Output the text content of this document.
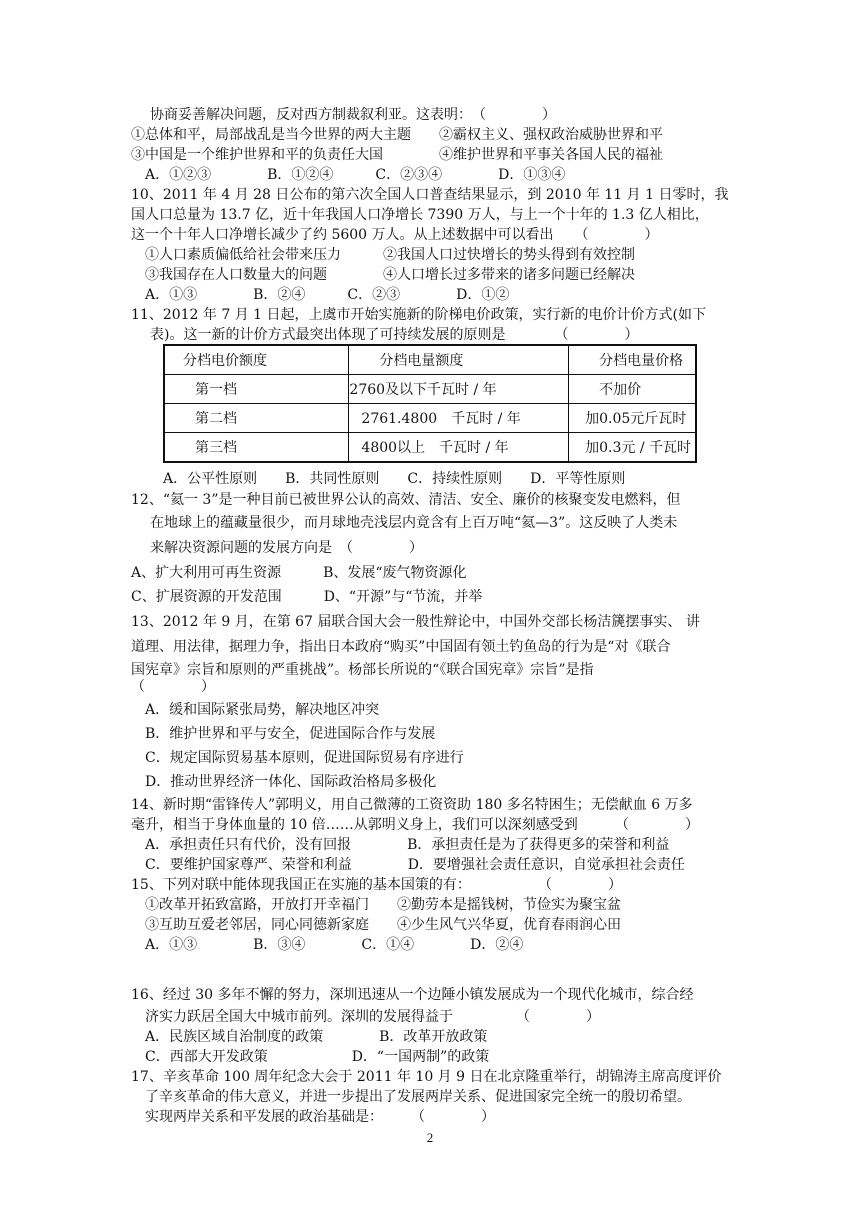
协商妥善解决问题，反对西方制裁叙利亚。这表明：　（　　　　）
①总体和平，局部战乱是当今世界的两大主题　　②霸权主义、强权政治威胁世界和平
③中国是一个维护世界和平的负责任大国　　　　④维护世界和平事关各国人民的福祉
A．①②③　　　　B．①②④　　　C．②③④　　　　D．①③④
10、2011 年 4 月 28 日公布的第六次全国人口普查结果显示，到 2010 年 11 月 1 日零时，我
国人口总量为 13.7 亿，近十年我国人口净增长 7390 万人，与上一个十年的 1.3 亿人相比，
这一个十年人口净增长减少了约 5600 万人。从上述数据中可以看出　　（　　　　）
①人口素质偏低给社会带来压力　　　②我国人口过快增长的势头得到有效控制
③我国存在人口数量大的问题　　　　④人口增长过多带来的诸多问题已经解决
A．①③　　　　B．②④　　　C．②③　　　　D．①②
11、2012 年 7 月 1 日起，上虞市开始实施新的阶梯电价政策，实行新的电价计价方式(如下
表)。这一新的计价方式最突出体现了可持续发展的原则是　　　　（　　　　）
分档电价额度	分档电量额度	分档电量价格
第一档	2760及以下千瓦时 / 年	不加价
第二档	2761.4800　千瓦时 / 年	加0.05元斤瓦时
第三档	4800以上　千瓦时 / 年	加0.3元 / 千瓦时
A．公平性原则　　B．共同性原则　　C．持续性原则　　D．平等性原则
12、“氦一 3”是一种目前已被世界公认的高效、清洁、安全、廉价的核聚变发电燃料，但
在地球上的蕴藏量很少，而月球地壳浅层内竟含有上百万吨“氦—3”。这反映了人类未
来解决资源问题的发展方向是　（　　　　）
A、扩大利用可再生资源　　　B、发展“废气物资源化
C、扩展资源的开发范围　　　D、“开源”与“节流，并举
13、2012 年 9 月，在第 67 届联合国大会一般性辩论中，中国外交部长杨洁篪摆事实、 讲
道理、用法律，据理力争，指出日本政府“购买”中国固有领土钓鱼岛的行为是“对《联合
国宪章》宗旨和原则的严重挑战”。杨部长所说的“《联合国宪章》宗旨”是指
（　　　　）
A．缓和国际紧张局势，解决地区冲突
B．维护世界和平与安全，促进国际合作与发展
C．规定国际贸易基本原则，促进国际贸易有序进行
D．推动世界经济一体化、国际政治格局多极化
14、新时期“雷锋传人”郭明义，用自己微薄的工资资助 180 多名特困生；无偿献血 6 万多
毫升，相当于身体血量的 10 倍……从郭明义身上，我们可以深刻感受到	（　　　　）
A．承担责任只有代价，没有回报　　　　B．承担责任是为了获得更多的荣誉和利益
C．要维护国家尊严、荣誉和利益　　　　D．要增强社会责任意识，自觉承担社会责任
15、下列对联中能体现我国正在实施的基本国策的有：	（　　　　）
①改革开拓致富路，开放打开幸福门　　②勤劳本是摇钱树，节俭实为聚宝盆
③互助互爱老邻居，同心同德新家庭　　④少生风气兴华夏，优育春雨润心田
A．①③　　　　B．③④　　　　C．①④　　　　D．②④
16、经过 30 多年不懈的努力，深圳迅速从一个边陲小镇发展成为一个现代化城市，综合经
济实力跃居全国大中城市前列。深圳的发展得益于　　　　　（　　　　）
A．民族区域自治制度的政策　　　　B．改革开放政策
C．西部大开发政策　　　　　　D．“一国两制”的政策
17、辛亥革命 100 周年纪念大会于 2011 年 10 月 9 日在北京隆重举行，胡锦涛主席高度评价
了辛亥革命的伟大意义，并进一步提出了发展两岸关系、促进国家完全统一的殷切希望。
实现两岸关系和平发展的政治基础是：　　　（　　　　）
2
